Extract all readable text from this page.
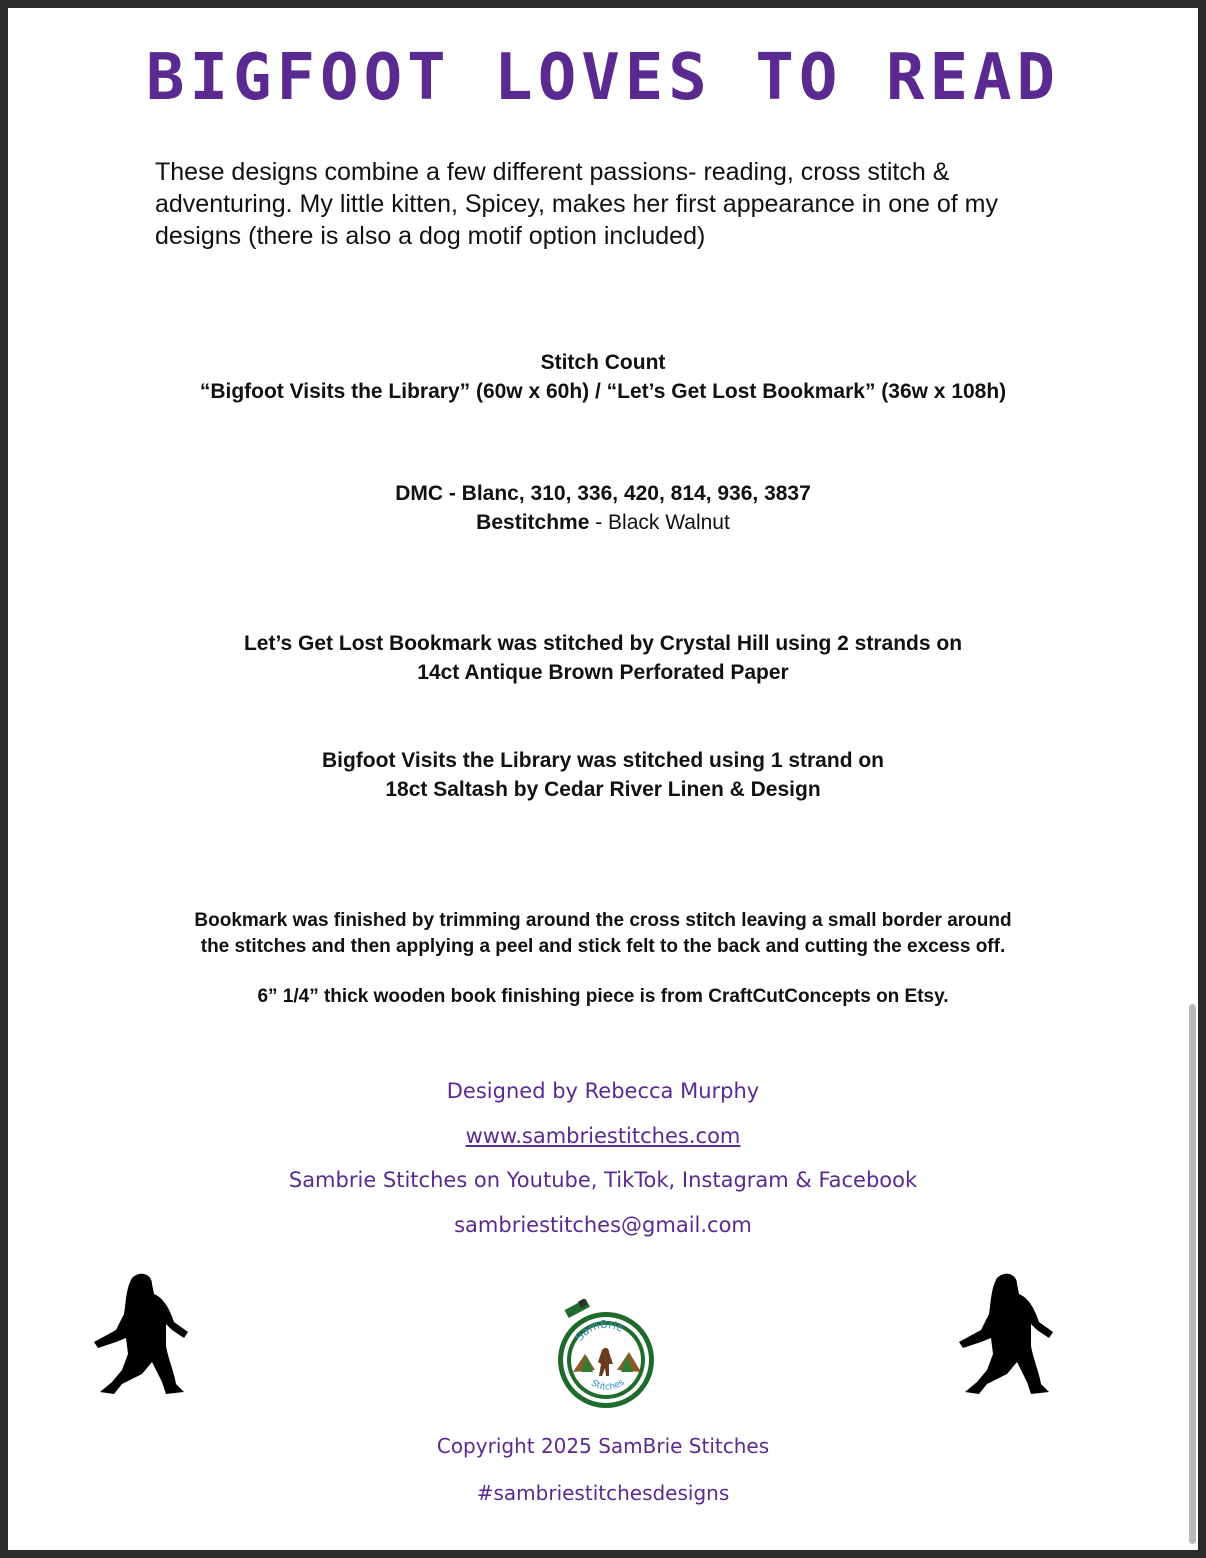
BIGFOOT LOVES TO READ
These designs combine a few different passions- reading, cross stitch & adventuring. My little kitten, Spicey, makes her first appearance in one of my designs (there is also a dog motif option included)
Stitch Count
“Bigfoot Visits the Library” (60w x 60h) / “Let’s Get Lost Bookmark” (36w x 108h)
DMC - Blanc, 310, 336, 420, 814, 936, 3837
Bestitchme - Black Walnut
Let’s Get Lost Bookmark was stitched by Crystal Hill using 2 strands on
14ct Antique Brown Perforated Paper
Bigfoot Visits the Library was stitched using 1 strand on
18ct Saltash by Cedar River Linen & Design
Bookmark was finished by trimming around the cross stitch leaving a small border around
the stitches and then applying a peel and stick felt to the back and cutting the excess off.
6” 1/4” thick wooden book finishing piece is from CraftCutConcepts on Etsy.
Designed by Rebecca Murphy
www.sambriestitches.com
Sambrie Stitches on Youtube, TikTok, Instagram & Facebook
sambriestitches@gmail.com
SamBrie
Stitches
Copyright 2025 SamBrie Stitches
#sambriestitchesdesigns
